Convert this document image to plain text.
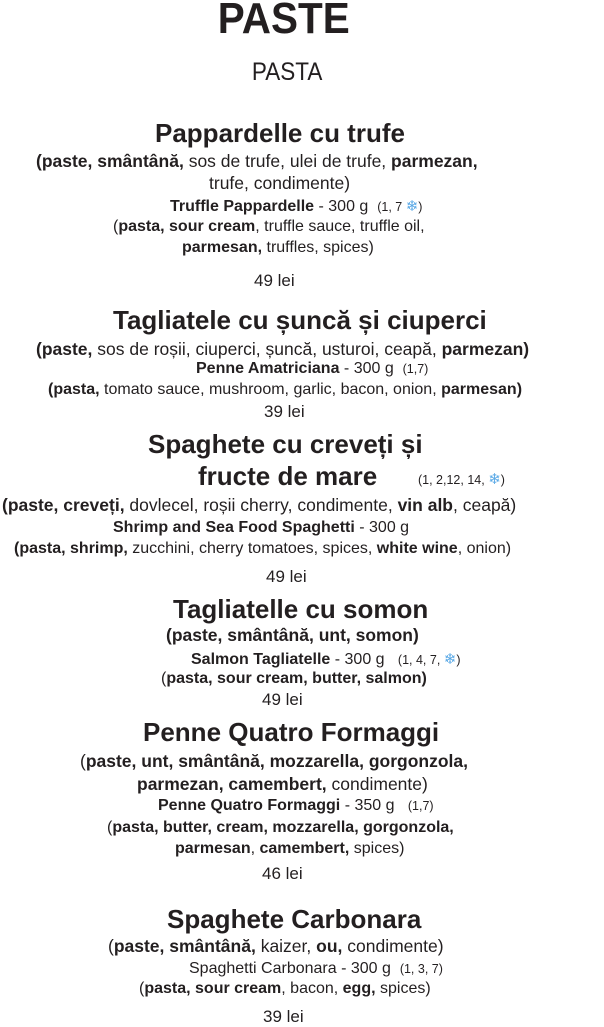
PASTE
PASTA
Pappardelle cu trufe
(paste, smântână, sos de trufe, ulei de trufe, parmezan,
trufe, condimente)
Truffle Pappardelle - 300 g (1, 7 ❄)
(pasta, sour cream, truffle sauce, truffle oil,
parmesan, truffles, spices)
49 lei
Tagliatele cu șuncă și ciuperci
(paste, sos de roșii, ciuperci, șuncă, usturoi, ceapă, parmezan)
Penne Amatriciana - 300 g (1,7)
(pasta, tomato sauce, mushroom, garlic, bacon, onion, parmesan)
39 lei
Spaghete cu creveți și
fructe de mare	(1, 2,12, 14, ❄)
(paste, creveți, dovlecel, roșii cherry, condimente, vin alb, ceapă)
Shrimp and Sea Food Spaghetti - 300 g
(pasta, shrimp, zucchini, cherry tomatoes, spices, white wine, onion)
49 lei
Tagliatelle cu somon
(paste, smântână, unt, somon)
Salmon Tagliatelle - 300 g (1, 4, 7, ❄)
(pasta, sour cream, butter, salmon)
49 lei
Penne Quatro Formaggi
(paste, unt, smântână, mozzarella, gorgonzola,
parmezan, camembert, condimente)
Penne Quatro Formaggi - 350 g (1,7)
(pasta, butter, cream, mozzarella, gorgonzola,
parmesan, camembert, spices)
46 lei
Spaghete Carbonara
(paste, smântână, kaizer, ou, condimente)
Spaghetti Carbonara - 300 g (1, 3, 7)
(pasta, sour cream, bacon, egg, spices)
39 lei
